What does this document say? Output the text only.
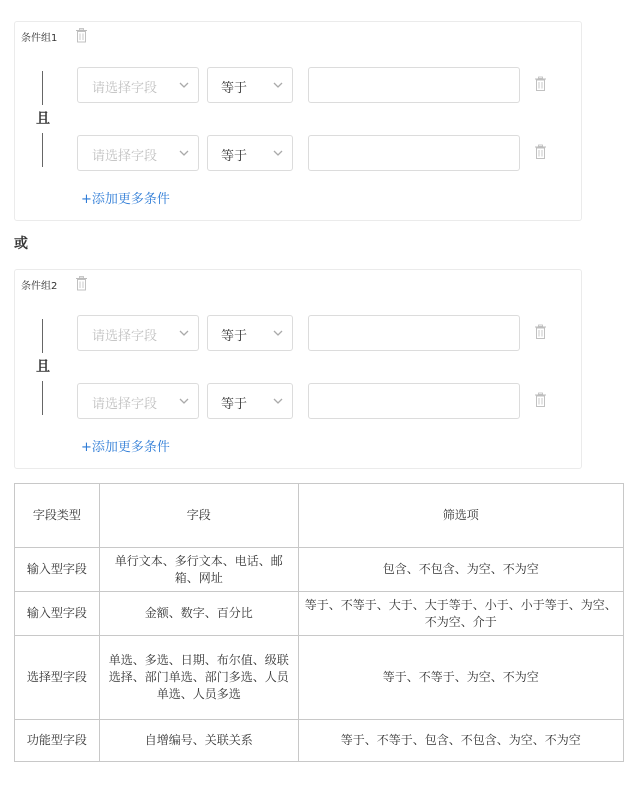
条件组1
且
请选择字段	等于
请选择字段	等于
+添加更多条件
或
条件组2
且
请选择字段	等于
请选择字段	等于
+添加更多条件
字段类型	字段	筛选项
输入型字段	单行文本、多行文本、电话、邮箱、网址	包含、不包含、为空、不为空
输入型字段	金额、数字、百分比	等于、不等于、大于、大于等于、小于、小于等于、为空、不为空、介于
选择型字段	单选、多选、日期、布尔值、级联选择、部门单选、部门多选、人员单选、人员多选	等于、不等于、为空、不为空
功能型字段	自增编号、关联关系	等于、不等于、包含、不包含、为空、不为空
